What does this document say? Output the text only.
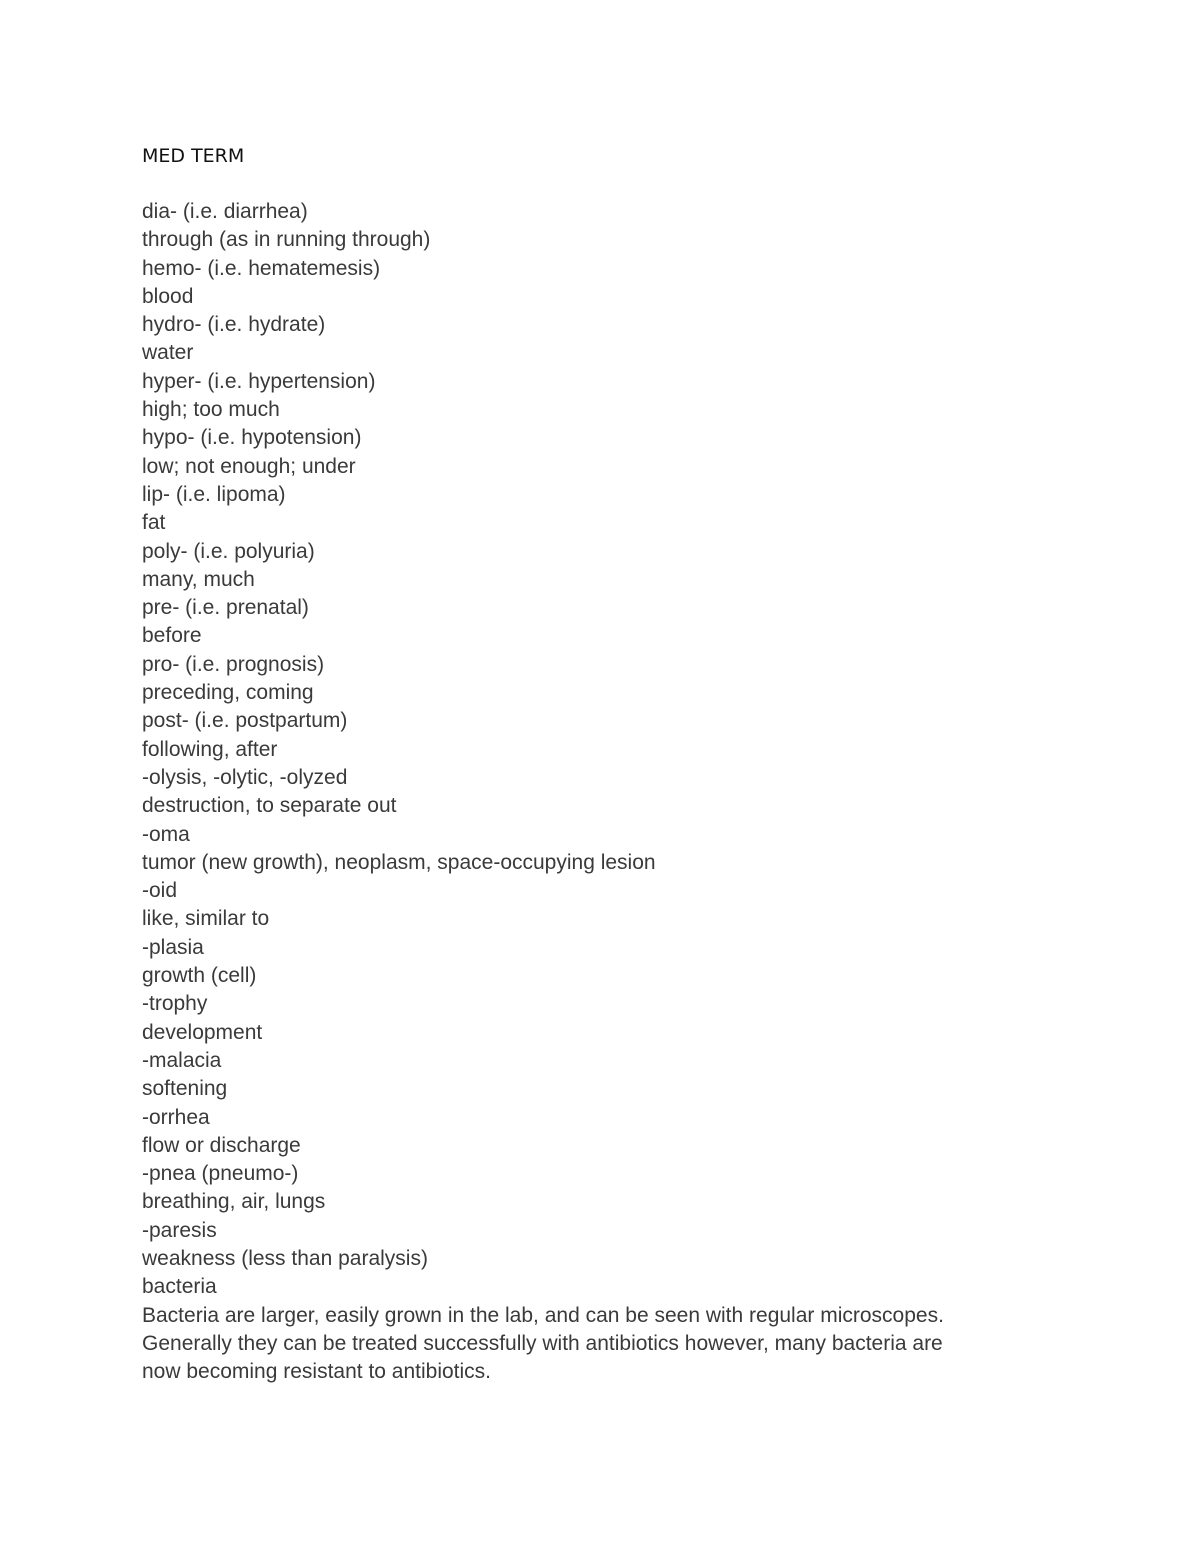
MED TERM
dia- (i.e. diarrhea)
through (as in running through)
hemo- (i.e. hematemesis)
blood
hydro- (i.e. hydrate)
water
hyper- (i.e. hypertension)
high; too much
hypo- (i.e. hypotension)
low; not enough; under
lip- (i.e. lipoma)
fat
poly- (i.e. polyuria)
many, much
pre- (i.e. prenatal)
before
pro- (i.e. prognosis)
preceding, coming
post- (i.e. postpartum)
following, after
-olysis, -olytic, -olyzed
destruction, to separate out
-oma
tumor (new growth), neoplasm, space-occupying lesion
-oid
like, similar to
-plasia
growth (cell)
-trophy
development
-malacia
softening
-orrhea
flow or discharge
-pnea (pneumo-)
breathing, air, lungs
-paresis
weakness (less than paralysis)
bacteria
Bacteria are larger, easily grown in the lab, and can be seen with regular microscopes.
Generally they can be treated successfully with antibiotics however, many bacteria are
now becoming resistant to antibiotics.
